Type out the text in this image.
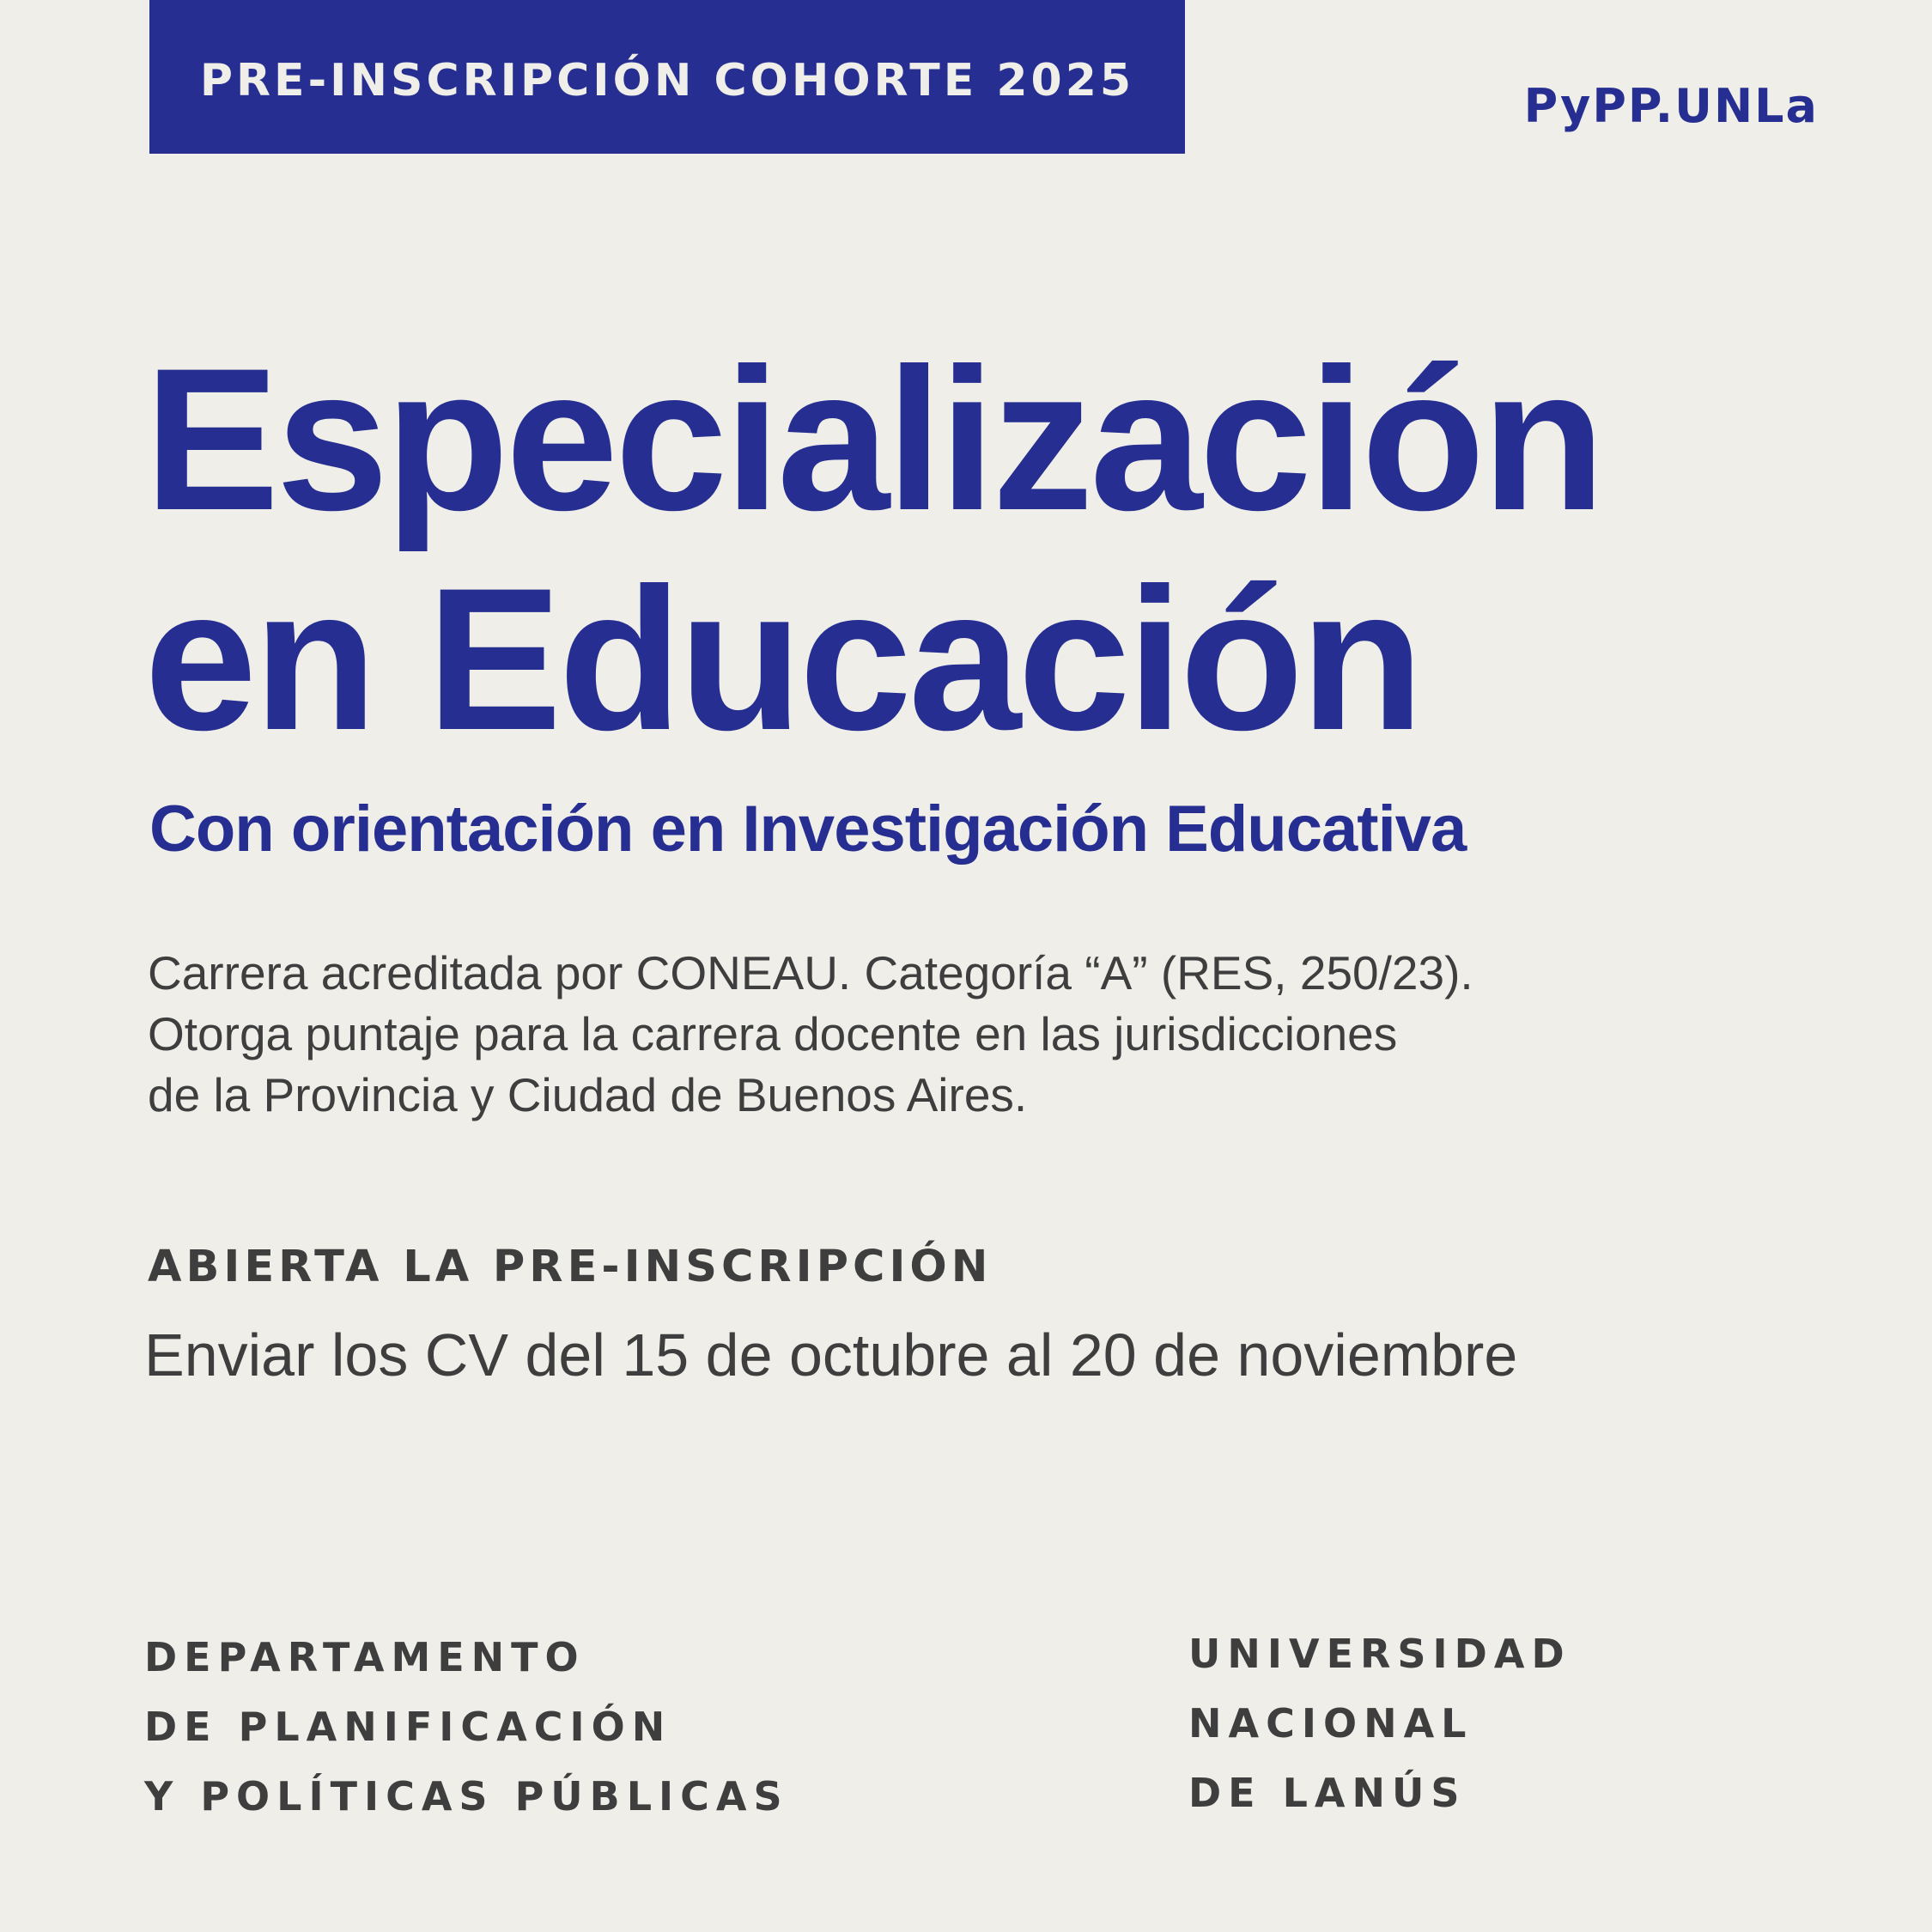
PRE-INSCRIPCIÓN COHORTE 2025	PyPP.UNLa
Especialización
en Educación
Con orientación en Investigación Educativa
Carrera acreditada por CONEAU. Categoría “A” (RES, 250/23).
Otorga puntaje para la carrera docente en las jurisdicciones
de la Provincia y Ciudad de Buenos Aires.
ABIERTA LA PRE-INSCRIPCIÓN
Enviar los CV del 15 de octubre al 20 de noviembre
DEPARTAMENTO
DE PLANIFICACIÓN
Y POLÍTICAS PÚBLICAS
UNIVERSIDAD
NACIONAL
DE LANÚS
